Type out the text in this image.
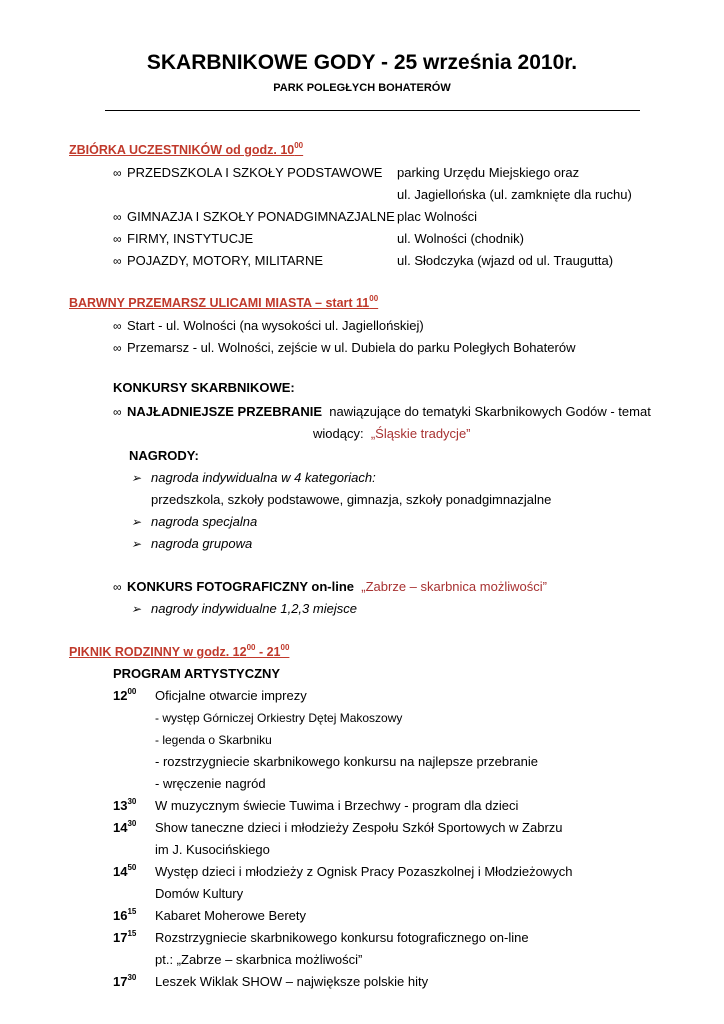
SKARBNIKOWE GODY - 25 września 2010r.
PARK POLEGŁYCH BOHATERÓW
ZBIÓRKA UCZESTNIKÓW od godz. $10^{00}$
∞ PRZEDSZKOLA I SZKOŁY PODSTAWOWE parking Urzędu Miejskiego oraz
ul. Jagiellońska (ul. zamknięte dla ruchu)
∞ GIMNAZJA I SZKOŁY PONADGIMNAZJALNE plac Wolności
∞ FIRMY, INSTYTUCJE	ul. Wolności (chodnik)
∞ POJAZDY, MOTORY, MILITARNE	ul. Słodczyka (wjazd od ul. Traugutta)
BARWNY PRZEMARSZ ULICAMI MIASTA – start $11^{00}$
∞ Start - ul. Wolności (na wysokości ul. Jagiellońskiej)
∞ Przemarsz - ul. Wolności, zejście w ul. Dubiela do parku Poległych Bohaterów
KONKURSY SKARBNIKOWE:
∞ NAJŁADNIEJSZE PRZEBRANIE nawiązujące do tematyki Skarbnikowych Godów - temat
wiodący: „Śląskie tradycje”
NAGRODY:
➢ nagroda indywidualna w 4 kategoriach:
przedszkola, szkoły podstawowe, gimnazja, szkoły ponadgimnazjalne
➢ nagroda specjalna
➢ nagroda grupowa
∞ KONKURS FOTOGRAFICZNY on-line „Zabrze – skarbnica możliwości”
➢ nagrody indywidualne 1,2,3 miejsce
PIKNIK RODZINNY w godz. $12^{00} - 21^{00}$
PROGRAM ARTYSTYCZNY
$12^{00}$ Oficjalne otwarcie imprezy
- występ Górniczej Orkiestry Dętej Makoszowy
- legenda o Skarbniku
- rozstrzygniecie skarbnikowego konkursu na najlepsze przebranie
- wręczenie nagród
$13^{30}$ W muzycznym świecie Tuwima i Brzechwy - program dla dzieci
$14^{30}$ Show taneczne dzieci i młodzieży Zespołu Szkół Sportowych w Zabrzu
im J. Kusocińskiego
$14^{50}$ Występ dzieci i młodzieży z Ognisk Pracy Pozaszkolnej i Młodzieżowych
Domów Kultury
$16^{15}$ Kabaret Moherowe Berety
$17^{15}$ Rozstrzygniecie skarbnikowego konkursu fotograficznego on-line
pt.: „Zabrze – skarbnica możliwości”
$17^{30}$ Leszek Wiklak SHOW – największe polskie hity
